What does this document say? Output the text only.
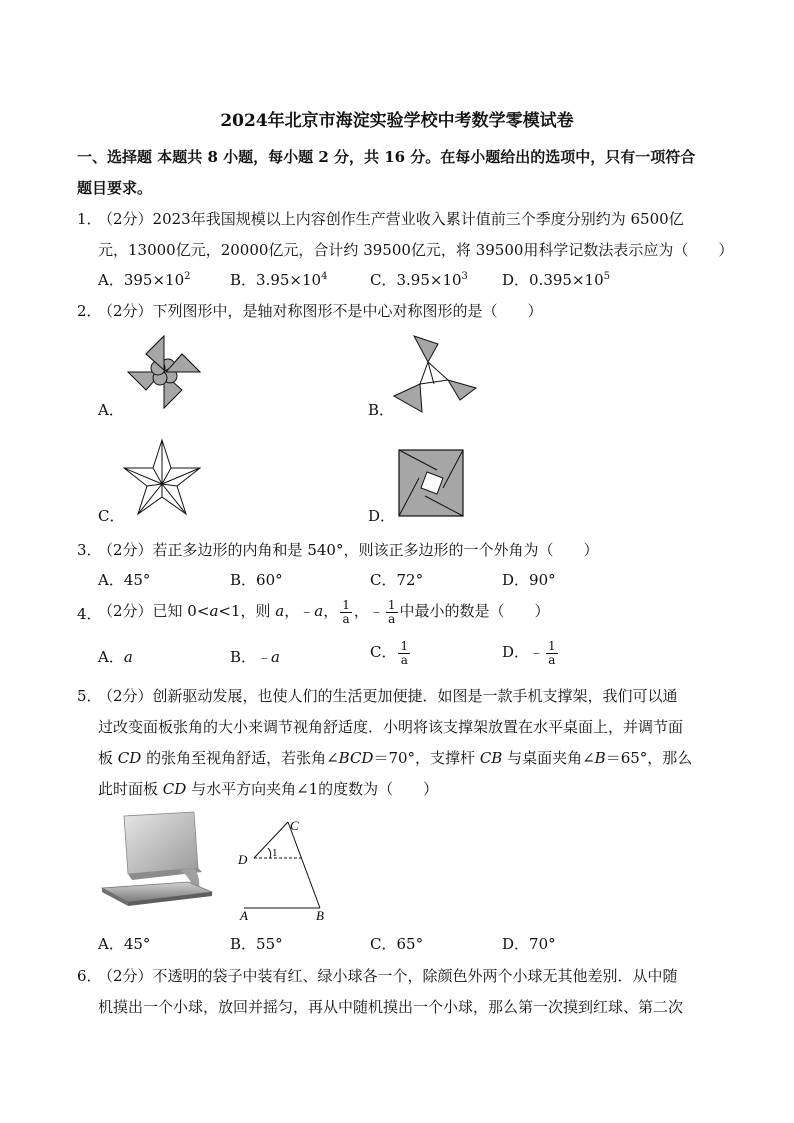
2024年北京市海淀实验学校中考数学零模试卷
一、选择题 本题共 8 小题，每小题 2 分，共 16 分。在每小题给出的选项中，只有一项符合
题目要求。
1．
（2分）2023年我国规模以上内容创作生产营业收入累计值前三个季度分别约为 6500亿
元，13000亿元，20000亿元，合计约 39500亿元，将 39500用科学记数法表示应为（　　）
A．$395\times 10^2$	B．$3.95\times 10^4$	C．$3.95\times 10^3$ D．$0.395\times 10^5$
2．
（2分）下列图形中，是轴对称图形不是中心对称图形的是（　　）
A．	B．
C．	D．
3．
（2分）若正多边形的内角和是 540°，则该正多边形的一个外角为（　　）
A．45°	B．60°	C．72°	D．90°
4．
（2分）已知 0<a<1，则 a，﹣a， $\frac{1}{a}$ ，﹣ $\frac{1}{a}$ 中最小的数是（　　）
A．a	B．﹣a	C． $\frac{1}{a}$	D．﹣ $\frac{1}{a}$
5．
（2分）创新驱动发展，也使人们的生活更加便捷．如图是一款手机支撑架，我们可以通
过改变面板张角的大小来调节视角舒适度．小明将该支撑架放置在水平桌面上，并调节面
板 CD 的张角至视角舒适，若张角∠BCD＝70°，支撑杆 CB 与桌面夹角∠B＝65°，那么
此时面板 CD 与水平方向夹角∠1的度数为（　　）
C
D
A	B
1
A．45°	B．55°	C．65°	D．70°
6．
（2分）不透明的袋子中装有红、绿小球各一个，除颜色外两个小球无其他差别．从中随
机摸出一个小球，放回并摇匀，再从中随机摸出一个小球，那么第一次摸到红球、第二次
